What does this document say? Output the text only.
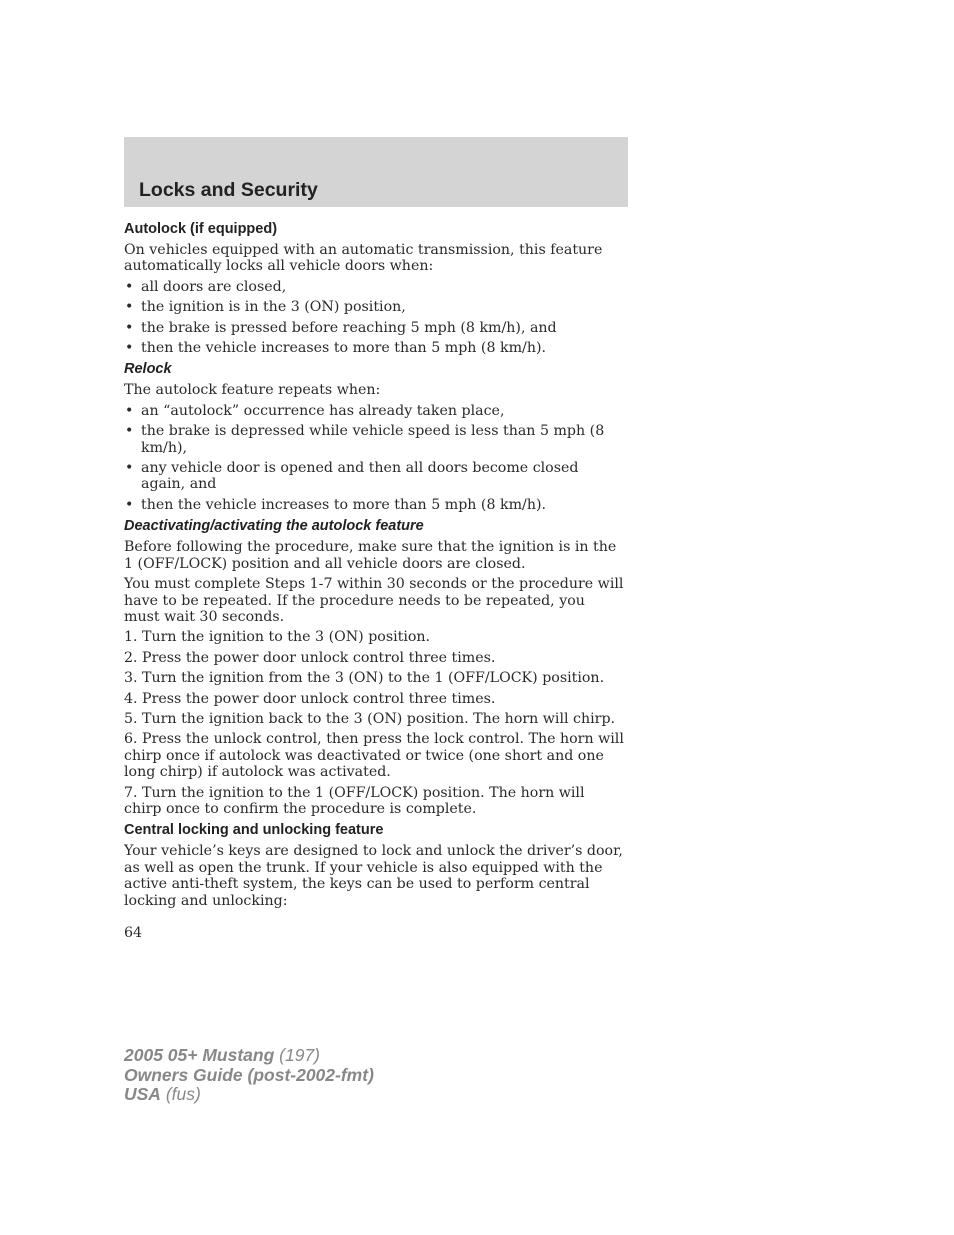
Locks and Security
Autolock (if equipped)

On vehicles equipped with an automatic transmission, this feature automatically locks all vehicle doors when:

• all doors are closed,
• the ignition is in the 3 (ON) position,
• the brake is pressed before reaching 5 mph (8 km/h), and
• then the vehicle increases to more than 5 mph (8 km/h).
Relock

The autolock feature repeats when:

• an “autolock” occurrence has already taken place,
• the brake is depressed while vehicle speed is less than 5 mph (8 km/h),
• any vehicle door is opened and then all doors become closed again, and
• then the vehicle increases to more than 5 mph (8 km/h).
Deactivating/activating the autolock feature

Before following the procedure, make sure that the ignition is in the 1 (OFF/LOCK) position and all vehicle doors are closed.

You must complete Steps 1-7 within 30 seconds or the procedure will have to be repeated. If the procedure needs to be repeated, you must wait 30 seconds.

1. Turn the ignition to the 3 (ON) position.

2. Press the power door unlock control three times.

3. Turn the ignition from the 3 (ON) to the 1 (OFF/LOCK) position.

4. Press the power door unlock control three times.

5. Turn the ignition back to the 3 (ON) position. The horn will chirp.

6. Press the unlock control, then press the lock control. The horn will chirp once if autolock was deactivated or twice (one short and one long chirp) if autolock was activated.

7. Turn the ignition to the 1 (OFF/LOCK) position. The horn will chirp once to confirm the procedure is complete.

Central locking and unlocking feature

Your vehicle’s keys are designed to lock and unlock the driver’s door, as well as open the trunk. If your vehicle is also equipped with the active anti-theft system, the keys can be used to perform central locking and unlocking:

64
2005 05+ Mustang (197)
Owners Guide (post-2002-fmt)
USA (fus)
